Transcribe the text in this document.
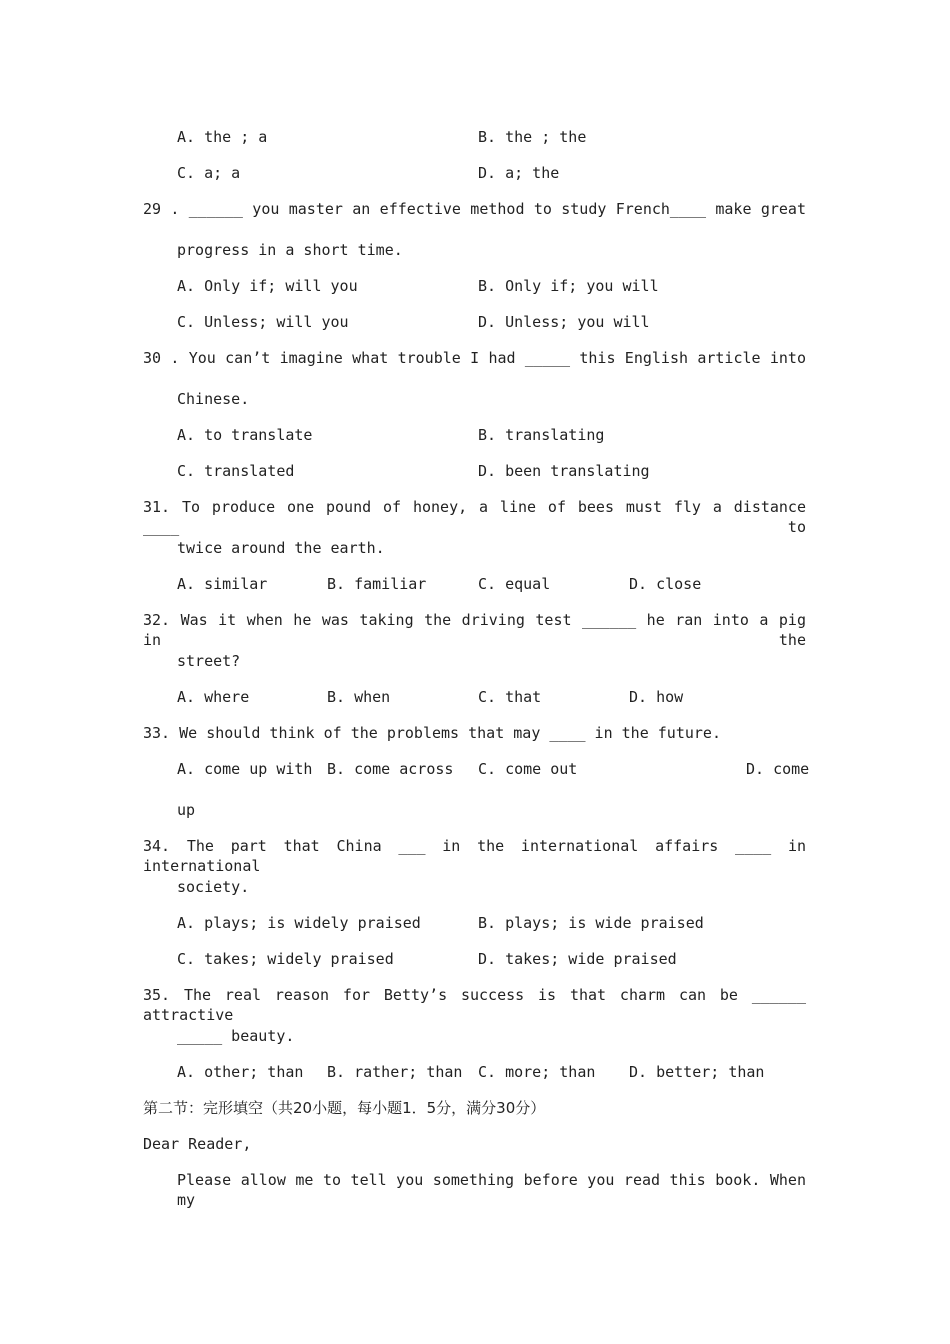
A. the ; a	B. the ; the
C. a; a	D. a; the
29 . ______ you master an effective method to study French____ make great
progress in a short time.
A. Only if; will you	B. Only if; you will
C. Unless; will you	D. Unless; you will
30 . You can’t imagine what trouble I had _____ this English article into
Chinese.
A. to translate	B. translating
C. translated	D. been translating
31. To produce one pound of honey, a line of bees must fly a distance ____ to
twice around the earth.
A. similar	B. familiar	C. equal	D. close
32. Was it when he was taking the driving test ______ he ran into a pig in the
street?
A. where	B. when	C. that	D. how
33. We should think of the problems that may ____ in the future.
A. come up with B. come across C. come out	D. come
up
34. The part that China ___ in the international affairs ____ in international
society.
A. plays; is widely praised	B. plays; is wide praised
C. takes; widely praised	D. takes; wide praised
35. The real reason for Betty’s success is that charm can be ______ attractive
_____ beauty.
A. other; than B. rather; than C. more; than D. better; than
第二节：完形填空（共20小题，每小题1．5分，满分30分）
Dear Reader,
Please allow me to tell you something before you read this book. When my
